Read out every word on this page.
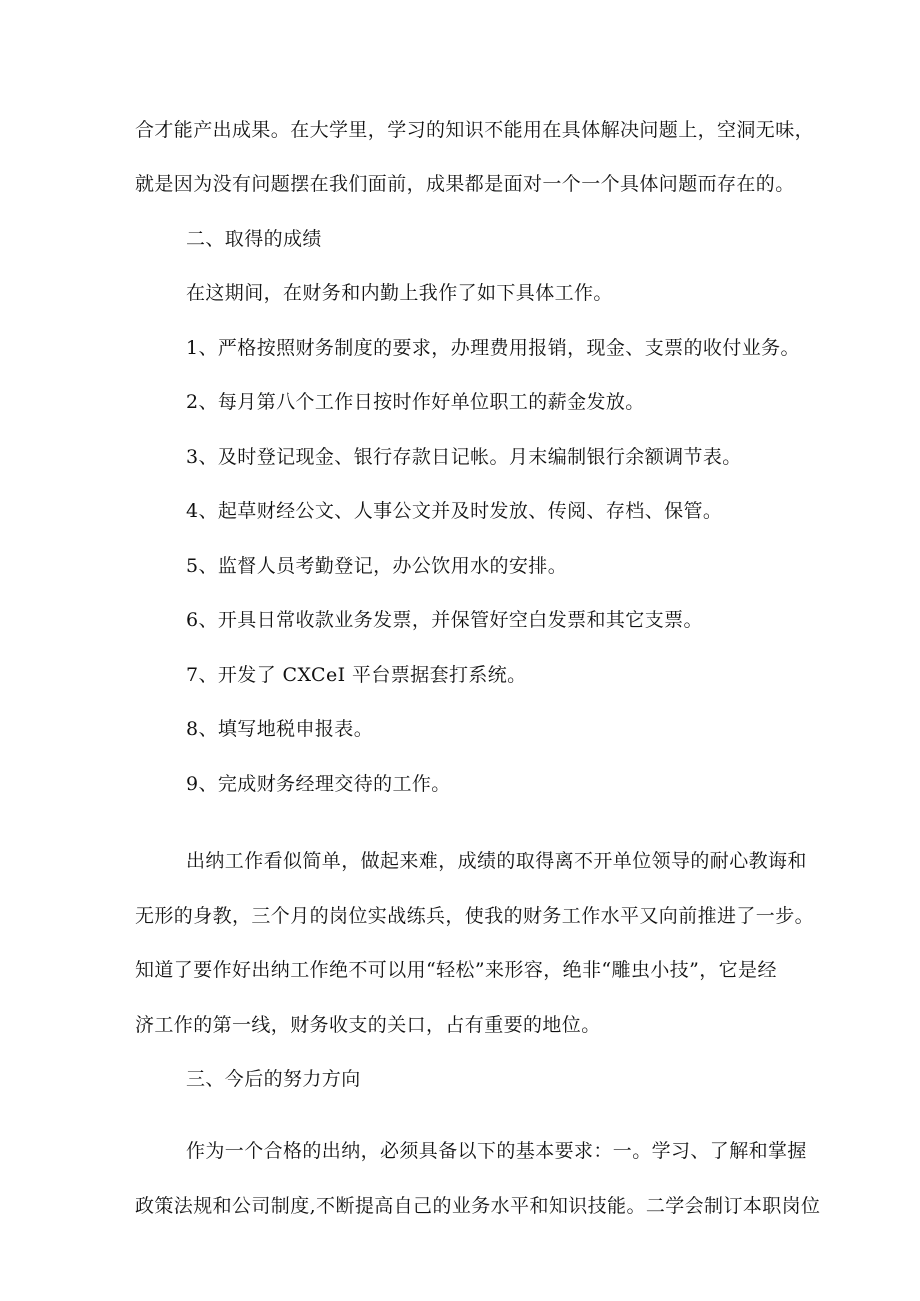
合才能产出成果。在大学里，学习的知识不能用在具体解决问题上，空洞无味，
就是因为没有问题摆在我们面前，成果都是面对一个一个具体问题而存在的。
二、取得的成绩
在这期间，在财务和内勤上我作了如下具体工作。
1、严格按照财务制度的要求，办理费用报销，现金、支票的收付业务。
2、每月第八个工作日按时作好单位职工的薪金发放。
3、及时登记现金、银行存款日记帐。月末编制银行余额调节表。
4、起草财经公文、人事公文并及时发放、传阅、存档、保管。
5、监督人员考勤登记，办公饮用水的安排。
6、开具日常收款业务发票，并保管好空白发票和其它支票。
7、开发了 CXCeI 平台票据套打系统。
8、填写地税申报表。
9、完成财务经理交待的工作。
出纳工作看似简单，做起来难，成绩的取得离不开单位领导的耐心教诲和
无形的身教，三个月的岗位实战练兵，使我的财务工作水平又向前推进了一步。
知道了要作好出纳工作绝不可以用“轻松”来形容，绝非“雕虫小技”，它是经
济工作的第一线，财务收支的关口，占有重要的地位。
三、今后的努力方向
作为一个合格的出纳，必须具备以下的基本要求：一。学习、了解和掌握
政策法规和公司制度,不断提高自己的业务水平和知识技能。二学会制订本职岗位
